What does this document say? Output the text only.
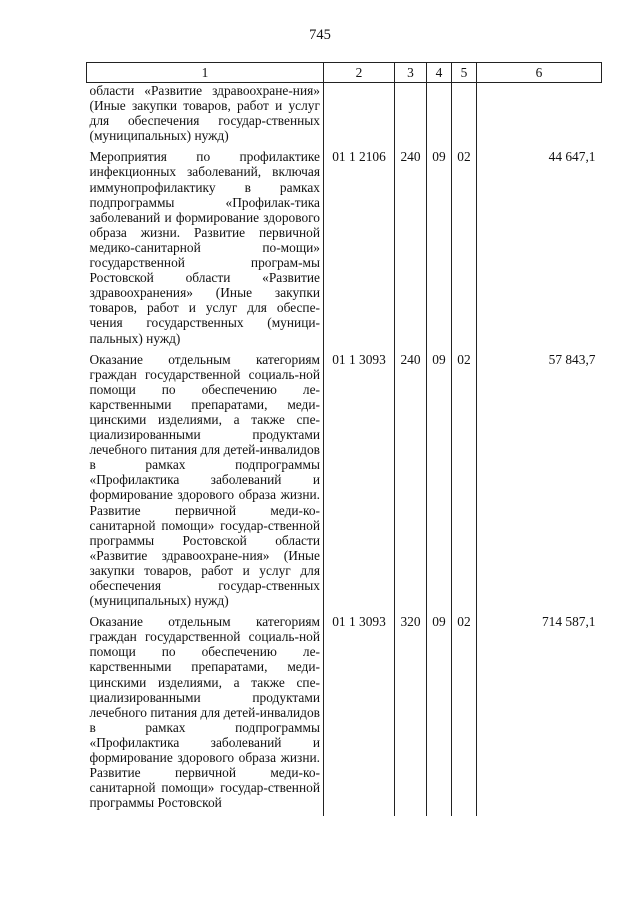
745
1	2	3	4	5	6
области «Развитие здравоохране-ния» (Иные закупки товаров, работ и услуг для обеспечения государ-ственных (муниципальных) нужд)					
Мероприятия по профилактике инфекционных заболеваний, включая иммунопрофилактику в рамках подпрограммы «Профилак-тика заболеваний и формирование здорового образа жизни. Развитие первичной медико-санитарной по-мощи» государственной програм-мы Ростовской области «Развитие здравоохранения» (Иные закупки товаров, работ и услуг для обеспе-чения государственных (муници-пальных) нужд)	01 1 2106	240	09	02	44 647,1
Оказание отдельным категориям граждан государственной социаль-ной помощи по обеспечению ле-карственными препаратами, меди-цинскими изделиями, а также спе-циализированными продуктами лечебного питания для детей-инвалидов в рамках подпрограммы «Профилактика заболеваний и формирование здорового образа жизни. Развитие первичной меди-ко-санитарной помощи» государ-ственной программы Ростовской области «Развитие здравоохране-ния» (Иные закупки товаров, работ и услуг для обеспечения государ-ственных (муниципальных) нужд)	01 1 3093	240	09	02	57 843,7
Оказание отдельным категориям граждан государственной социаль-ной помощи по обеспечению ле-карственными препаратами, меди-цинскими изделиями, а также спе-циализированными продуктами лечебного питания для детей-инвалидов в рамках подпрограммы «Профилактика заболеваний и формирование здорового образа жизни. Развитие первичной меди-ко-санитарной помощи» государ-ственной программы Ростовской	01 1 3093	320	09	02	714 587,1
